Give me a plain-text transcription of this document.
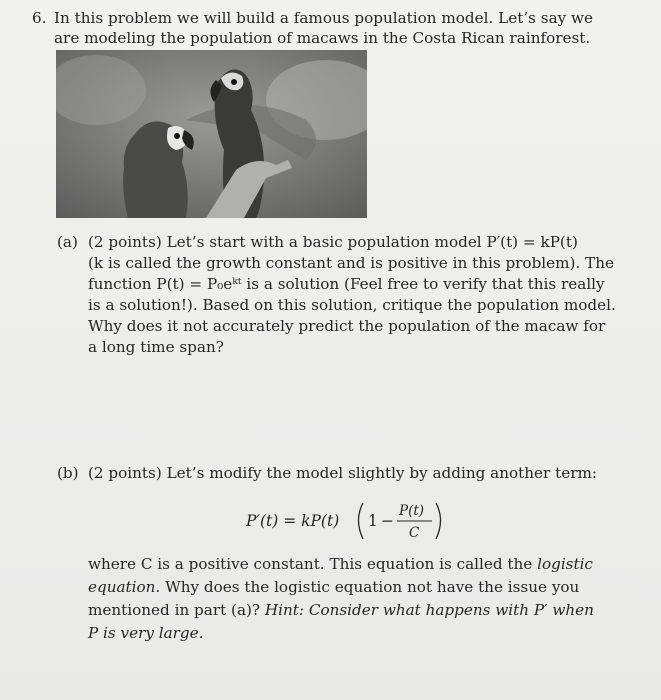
6. In this problem we will build a famous population model. Let’s say we
are modeling the population of macaws in the Costa Rican rainforest.
(a) (2 points) Let’s start with a basic population model P′(t) = kP(t)
(k is called the growth constant and is positive in this problem). The
function P(t) = P₀eᵏᵗ is a solution (Feel free to verify that this really
is a solution!). Based on this solution, critique the population model.
Why does it not accurately predict the population of the macaw for
a long time span?
(b) (2 points) Let’s modify the model slightly by adding another term:
P′(t) = kP(t) 1 −
P(t)
C
where C is a positive constant. This equation is called the logistic
equation. Why does the logistic equation not have the issue you
mentioned in part (a)? Hint: Consider what happens with P′ when
P is very large.
